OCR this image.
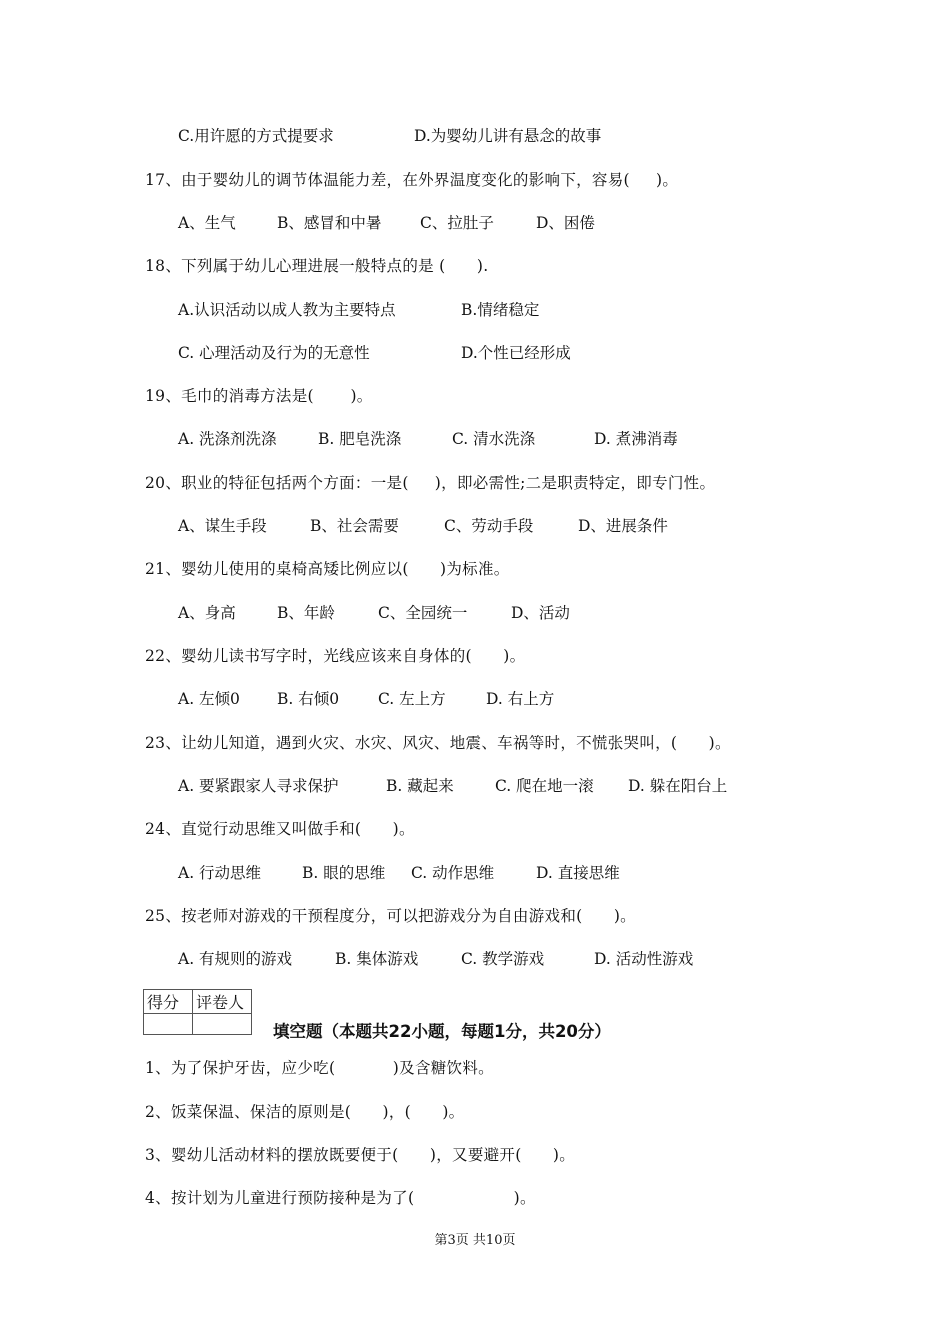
C.用许愿的方式提要求	D.为婴幼儿讲有悬念的故事
17、由于婴幼儿的调节体温能力差，在外界温度变化的影响下，容易(     )。
A、生气	B、感冒和中暑 C、拉肚子	D、困倦
18、下列属于幼儿心理进展一般特点的是 (      ).
A.认识活动以成人教为主要特点	B.情绪稳定
C. 心理活动及行为的无意性	D.个性已经形成
19、毛巾的消毒方法是(       )。
A. 洗涤剂洗涤	B. 肥皂洗涤	C. 清水洗涤	D. 煮沸消毒
20、职业的特征包括两个方面：一是(     )，即必需性;二是职责特定，即专门性。
A、谋生手段	B、社会需要	C、劳动手段	D、进展条件
21、婴幼儿使用的桌椅高矮比例应以(      )为标准。
A、身高	B、年龄	C、全园统一	D、活动
22、婴幼儿读书写字时，光线应该来自身体的(      )。
A. 左倾0 B. 右倾0	C. 左上方	D. 右上方
23、让幼儿知道，遇到火灾、水灾、风灾、地震、车祸等时，不慌张哭叫，(      )。
A. 要紧跟家人寻求保护	B. 藏起来	C. 爬在地一滚 D. 躲在阳台上
24、直觉行动思维又叫做手和(      )。
A. 行动思维	B. 眼的思维 C. 动作思维	D. 直接思维
25、按老师对游戏的干预程度分，可以把游戏分为自由游戏和(      )。
A. 有规则的游戏	B. 集体游戏	C. 教学游戏	D. 活动性游戏
得分	评卷人

填空题（本题共22小题，每题1分，共20分）
1、为了保护牙齿，应少吃(           )及含糖饮料。
2、饭菜保温、保洁的原则是(      )，(      )。
3、婴幼儿活动材料的摆放既要便于(      )，又要避开(      )。
4、按计划为儿童进行预防接种是为了(                   )。
第3页 共10页
